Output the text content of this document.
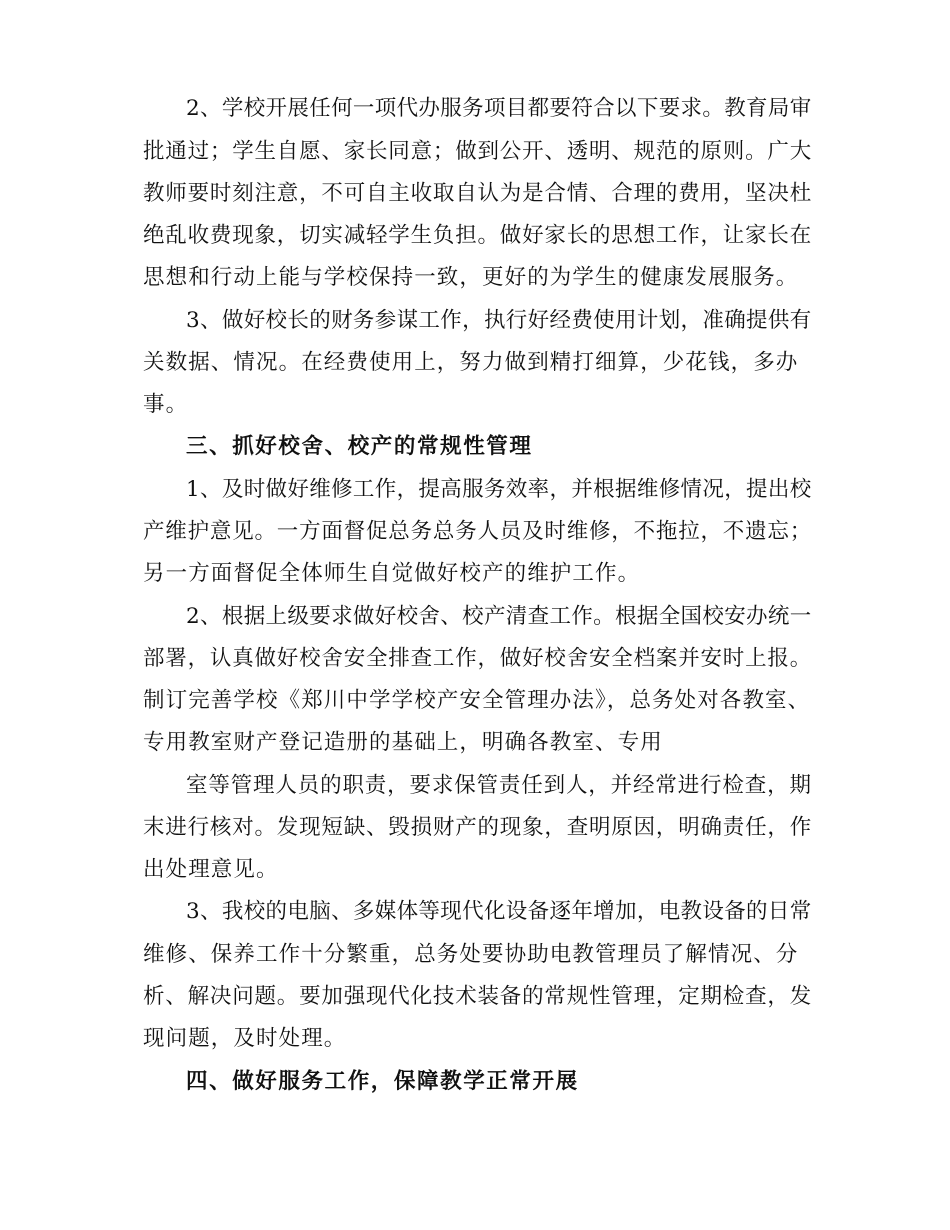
2、学校开展任何一项代办服务项目都要符合以下要求。教育局审
批通过；学生自愿、家长同意；做到公开、透明、规范的原则。广大
教师要时刻注意，不可自主收取自认为是合情、合理的费用，坚决杜
绝乱收费现象，切实减轻学生负担。做好家长的思想工作，让家长在
思想和行动上能与学校保持一致，更好的为学生的健康发展服务。
3、做好校长的财务参谋工作，执行好经费使用计划，准确提供有
关数据、情况。在经费使用上，努力做到精打细算，少花钱，多办
事。
三、抓好校舍、校产的常规性管理
1、及时做好维修工作，提高服务效率，并根据维修情况，提出校
产维护意见。一方面督促总务总务人员及时维修，不拖拉，不遗忘；
另一方面督促全体师生自觉做好校产的维护工作。
2、根据上级要求做好校舍、校产清查工作。根据全国校安办统一
部署，认真做好校舍安全排查工作，做好校舍安全档案并安时上报。
制订完善学校《郑川中学学校产安全管理办法》，总务处对各教室、
专用教室财产登记造册的基础上，明确各教室、专用
室等管理人员的职责，要求保管责任到人，并经常进行检查，期
末进行核对。发现短缺、毁损财产的现象，查明原因，明确责任，作
出处理意见。
3、我校的电脑、多媒体等现代化设备逐年增加，电教设备的日常
维修、保养工作十分繁重，总务处要协助电教管理员了解情况、分
析、解决问题。要加强现代化技术装备的常规性管理，定期检查，发
现问题，及时处理。
四、做好服务工作，保障教学正常开展
